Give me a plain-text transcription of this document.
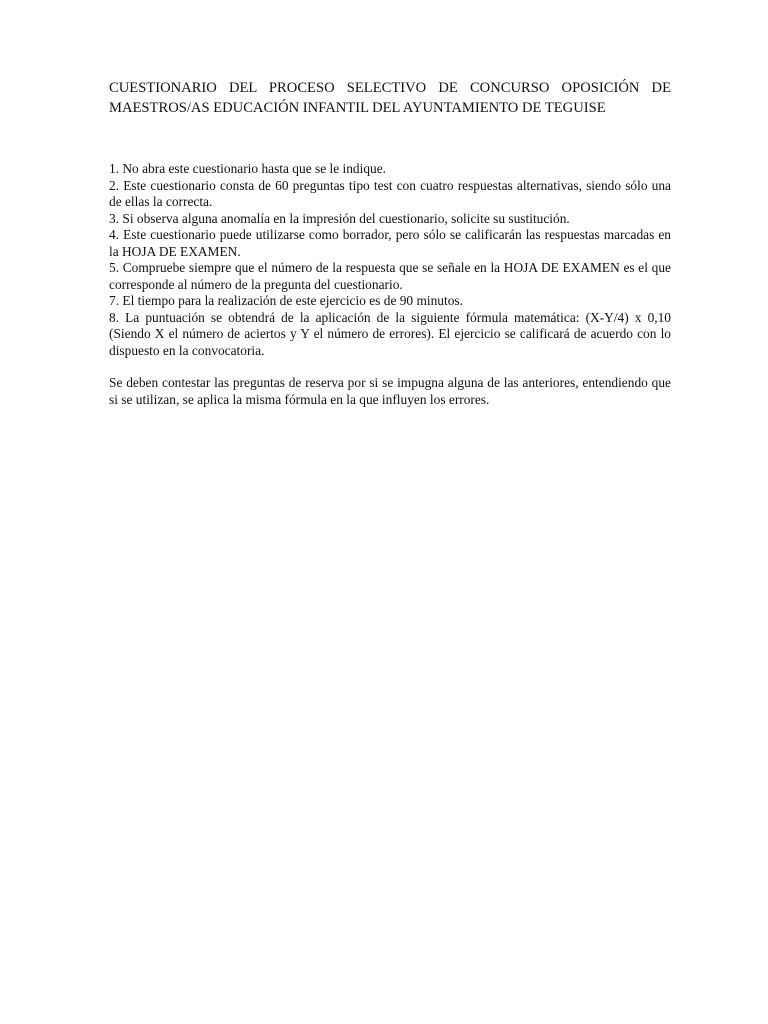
CUESTIONARIO DEL PROCESO SELECTIVO DE CONCURSO OPOSICIÓN DE MAESTROS/AS EDUCACIÓN INFANTIL DEL AYUNTAMIENTO DE TEGUISE

1. No abra este cuestionario hasta que se le indique.

2. Este cuestionario consta de 60 preguntas tipo test con cuatro respuestas alternativas, siendo sólo una de ellas la correcta.

3. Si observa alguna anomalía en la impresión del cuestionario, solicite su sustitución.

4. Este cuestionario puede utilizarse como borrador, pero sólo se calificarán las respuestas marcadas en la HOJA DE EXAMEN.

5. Compruebe siempre que el número de la respuesta que se señale en la HOJA DE EXAMEN es el que corresponde al número de la pregunta del cuestionario.

7. El tiempo para la realización de este ejercicio es de 90 minutos.

8. La puntuación se obtendrá de la aplicación de la siguiente fórmula matemática: (X-Y/4) x 0,10 (Siendo X el número de aciertos y Y el número de errores). El ejercicio se calificará de acuerdo con lo dispuesto en la convocatoria.

Se deben contestar las preguntas de reserva por si se impugna alguna de las anteriores, entendiendo que si se utilizan, se aplica la misma fórmula en la que influyen los errores.
